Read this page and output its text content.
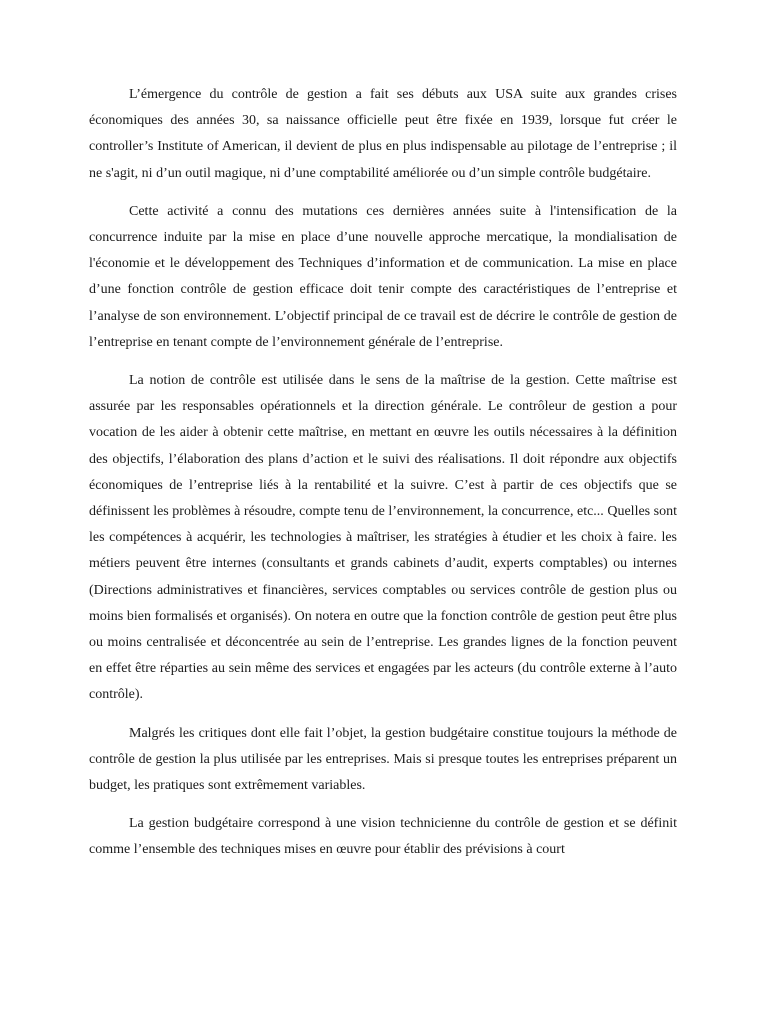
L’émergence du contrôle de gestion a fait ses débuts aux USA suite aux grandes crises économiques des années 30, sa naissance officielle peut être fixée en 1939, lorsque fut créer le controller’s Institute of American, il devient de plus en plus indispensable au pilotage de l’entreprise ; il ne s'agit, ni d’un outil magique, ni d’une comptabilité améliorée ou d’un simple contrôle budgétaire.

Cette activité a connu des mutations ces dernières années suite à l'intensification de la concurrence induite par la mise en place d’une nouvelle approche mercatique, la mondialisation de l'économie et le développement des Techniques d’information et de communication. La mise en place d’une fonction contrôle de gestion efficace doit tenir compte des caractéristiques de l’entreprise et l’analyse de son environnement. L’objectif principal de ce travail est de décrire le contrôle de gestion de l’entreprise en tenant compte de l’environnement générale de l’entreprise.

La notion de contrôle est utilisée dans le sens de la maîtrise de la gestion. Cette maîtrise est assurée par les responsables opérationnels et la direction générale. Le contrôleur de gestion a pour vocation de les aider à obtenir cette maîtrise, en mettant en œuvre les outils nécessaires à la définition des objectifs, l’élaboration des plans d’action et le suivi des réalisations. Il doit répondre aux objectifs économiques de l’entreprise liés à la rentabilité et la suivre. C’est à partir de ces objectifs que se définissent les problèmes à résoudre, compte tenu de l’environnement, la concurrence, etc... Quelles sont les compétences à acquérir, les technologies à maîtriser, les stratégies à étudier et les choix à faire. les métiers peuvent être internes (consultants et grands cabinets d’audit, experts comptables) ou internes (Directions administratives et financières, services comptables ou services contrôle de gestion plus ou moins bien formalisés et organisés). On notera en outre que la fonction contrôle de gestion peut être plus ou moins centralisée et déconcentrée au sein de l’entreprise. Les grandes lignes de la fonction peuvent en effet être réparties au sein même des services et engagées par les acteurs (du contrôle externe à l’auto contrôle).

Malgrés les critiques dont elle fait l’objet, la gestion budgétaire constitue toujours la méthode de contrôle de gestion la plus utilisée par les entreprises. Mais si presque toutes les entreprises préparent un budget, les pratiques sont extrêmement variables.

La gestion budgétaire correspond à une vision technicienne du contrôle de gestion et se définit comme l’ensemble des techniques mises en œuvre pour établir des prévisions à court
